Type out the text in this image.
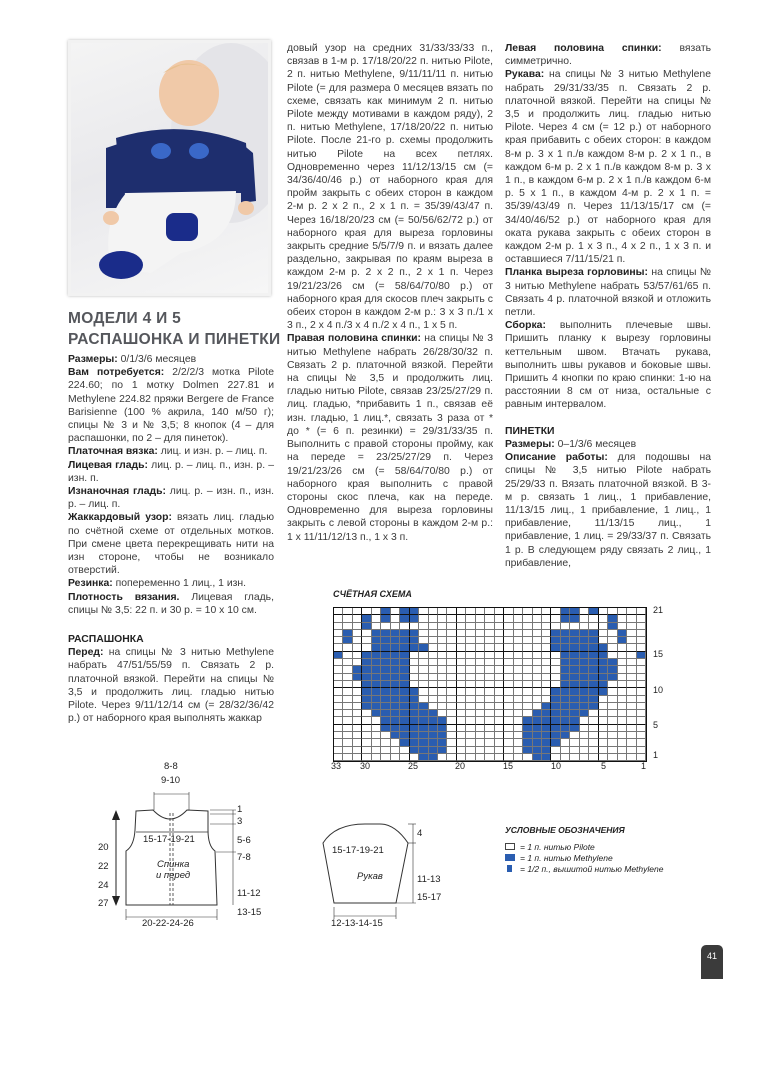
МОДЕЛИ 4 И 5
РАСПАШОНКА И ПИНЕТКИ

Размеры: 0/1/3/6 месяцев

Вам потребуется: 2/2/2/3 мотка Pilote 224.60; по 1 мотку Dolmen 227.81 и Methylene 224.82 пряжи Bergere de France Barisienne (100 % акрила, 140 м/50 г); спицы № 3 и № 3,5; 8 кнопок (4 – для распашонки, по 2 – для пинеток).

Платочная вязка: лиц. и изн. р. – лиц. п.

Лицевая гладь: лиц. р. – лиц. п., изн. р. – изн. п.

Изнаночная гладь: лиц. р. – изн. п., изн. р. – лиц. п.

Жаккардовый узор: вязать лиц. гладью по счётной схеме от отдельных мотков. При смене цвета перекрещивать нити на изн стороне, чтобы не возникало отверстий.

Резинка: попеременно 1 лиц., 1 изн.

Плотность вязания. Лицевая гладь, спицы № 3,5: 22 п. и 30 р. = 10 х 10 см.

РАСПАШОНКА

Перед: на спицы № 3 нитью Methylene набрать 47/51/55/59 п. Связать 2 р. платочной вязкой. Перейти на спицы № 3,5 и продолжить лиц. гладью нитью Pilote. Через 9/11/12/14 см (= 28/32/36/42 р.) от наборного края выполнять жаккар

довый узор на средних 31/33/33/33 п., связав в 1-м р. 17/18/20/22 п. нитью Pilote, 2 п. нитью Methylene, 9/11/11/11 п. нитью Pilote (= для размера 0 месяцев вязать по схеме, связать как минимум 2 п. нитью Pilote между мотивами в каждом ряду), 2 п. нитью Methylene, 17/18/20/22 п. нитью Pilote. После 21-го р. схемы продолжить нитью Pilote на всех петлях. Одновременно через 11/12/13/15 см (= 34/36/40/46 р.) от наборного края для пройм закрыть с обеих сторон в каждом 2-м р. 2 х 2 п., 2 х 1 п. = 35/39/43/47 п. Через 16/18/20/23 см (= 50/56/62/72 р.) от наборного края для выреза горловины закрыть средние 5/5/7/9 п. и вязать далее раздельно, закрывая по краям выреза в каждом 2-м р. 2 х 2 п., 2 х 1 п. Через 19/21/23/26 см (= 58/64/70/80 р.) от наборного края для скосов плеч закрыть с обеих сторон в каждом 2-м р.: 3 х 3 п./1 х 3 п., 2 х 4 п./3 х 4 п./2 х 4 п., 1 х 5 п.

Правая половина спинки: на спицы № 3 нитью Methylene набрать 26/28/30/32 п. Связать 2 р. платочной вязкой. Перейти на спицы № 3,5 и продолжить лиц. гладью нитью Pilote, связав 23/25/27/29 п. лиц. гладью, *прибавить 1 п., связав её изн. гладью, 1 лиц.*, связать 3 раза от * до * (= 6 п. резинки) = 29/31/33/35 п. Выполнить с правой стороны пройму, как на переде = 23/25/27/29 п. Через 19/21/23/26 см (= 58/64/70/80 р.) от наборного края выполнить с правой стороны скос плеча, как на переде. Одновременно для выреза горловины закрыть с левой стороны в каждом 2-м р.: 1 х 11/11/12/13 п., 1 х 3 п.

Левая половина спинки: вязать симметрично.

Рукава: на спицы № 3 нитью Methylene набрать 29/31/33/35 п. Связать 2 р. платочной вязкой. Перейти на спицы № 3,5 и продолжить лиц. гладью нитью Pilote. Через 4 см (= 12 р.) от наборного края прибавить с обеих сторон: в каждом 8-м р. 3 х 1 п./в каждом 8-м р. 2 х 1 п., в каждом 6-м р. 2 х 1 п./в каждом 8-м р. 3 х 1 п., в каждом 6-м р. 2 х 1 п./в каждом 6-м р. 5 х 1 п., в каждом 4-м р. 2 х 1 п. = 35/39/43/49 п. Через 11/13/15/17 см (= 34/40/46/52 р.) от наборного края для оката рукава закрыть с обеих сторон в каждом 2-м р. 1 х 3 п., 4 х 2 п., 1 х 3 п. и оставшиеся 7/11/15/21 п.

Планка выреза горловины: на спицы № 3 нитью Methylene набрать 53/57/61/65 п. Связать 4 р. платочной вязкой и отложить петли.

Сборка: выполнить плечевые швы. Пришить планку к вырезу горловины кеттельным швом. Втачать рукава, выполнить швы рукавов и боковые швы. Пришить 4 кнопки по краю спинки: 1-ю на расстоянии 8 см от низа, остальные с равным интервалом.

ПИНЕТКИ

Размеры: 0–1/3/6 месяцев

Описание работы: для подошвы на спицы № 3,5 нитью Pilote набрать 25/29/33 п. Вязать платочной вязкой. В 3-м р. связать 1 лиц., 1 прибавление, 11/13/15 лиц., 1 прибавление, 1 лиц., 1 прибавление, 11/13/15 лиц., 1 прибавление, 1 лиц. = 29/33/37 п. Связать 1 р. В следующем ряду связать 2 лиц., 1 прибавление,

СЧЁТНАЯ СХЕМА
21
15
10
5
1
33 30	25	20	15	10	5	1
УСЛОВНЫЕ ОБОЗНАЧЕНИЯ
= 1 п. нитью Pilote
= 1 п. нитью Methylene
= 1/2 п., вышитой нитью Methylene
8-8
9-10
15-17-19-21
Спинка
и перед
20-22-24-26
20
22
24
27
1
3
5-6
7-8
11-12
13-15
15-17-19-21
Рукав
12-13-14-15
4
11-13
15-17
41
